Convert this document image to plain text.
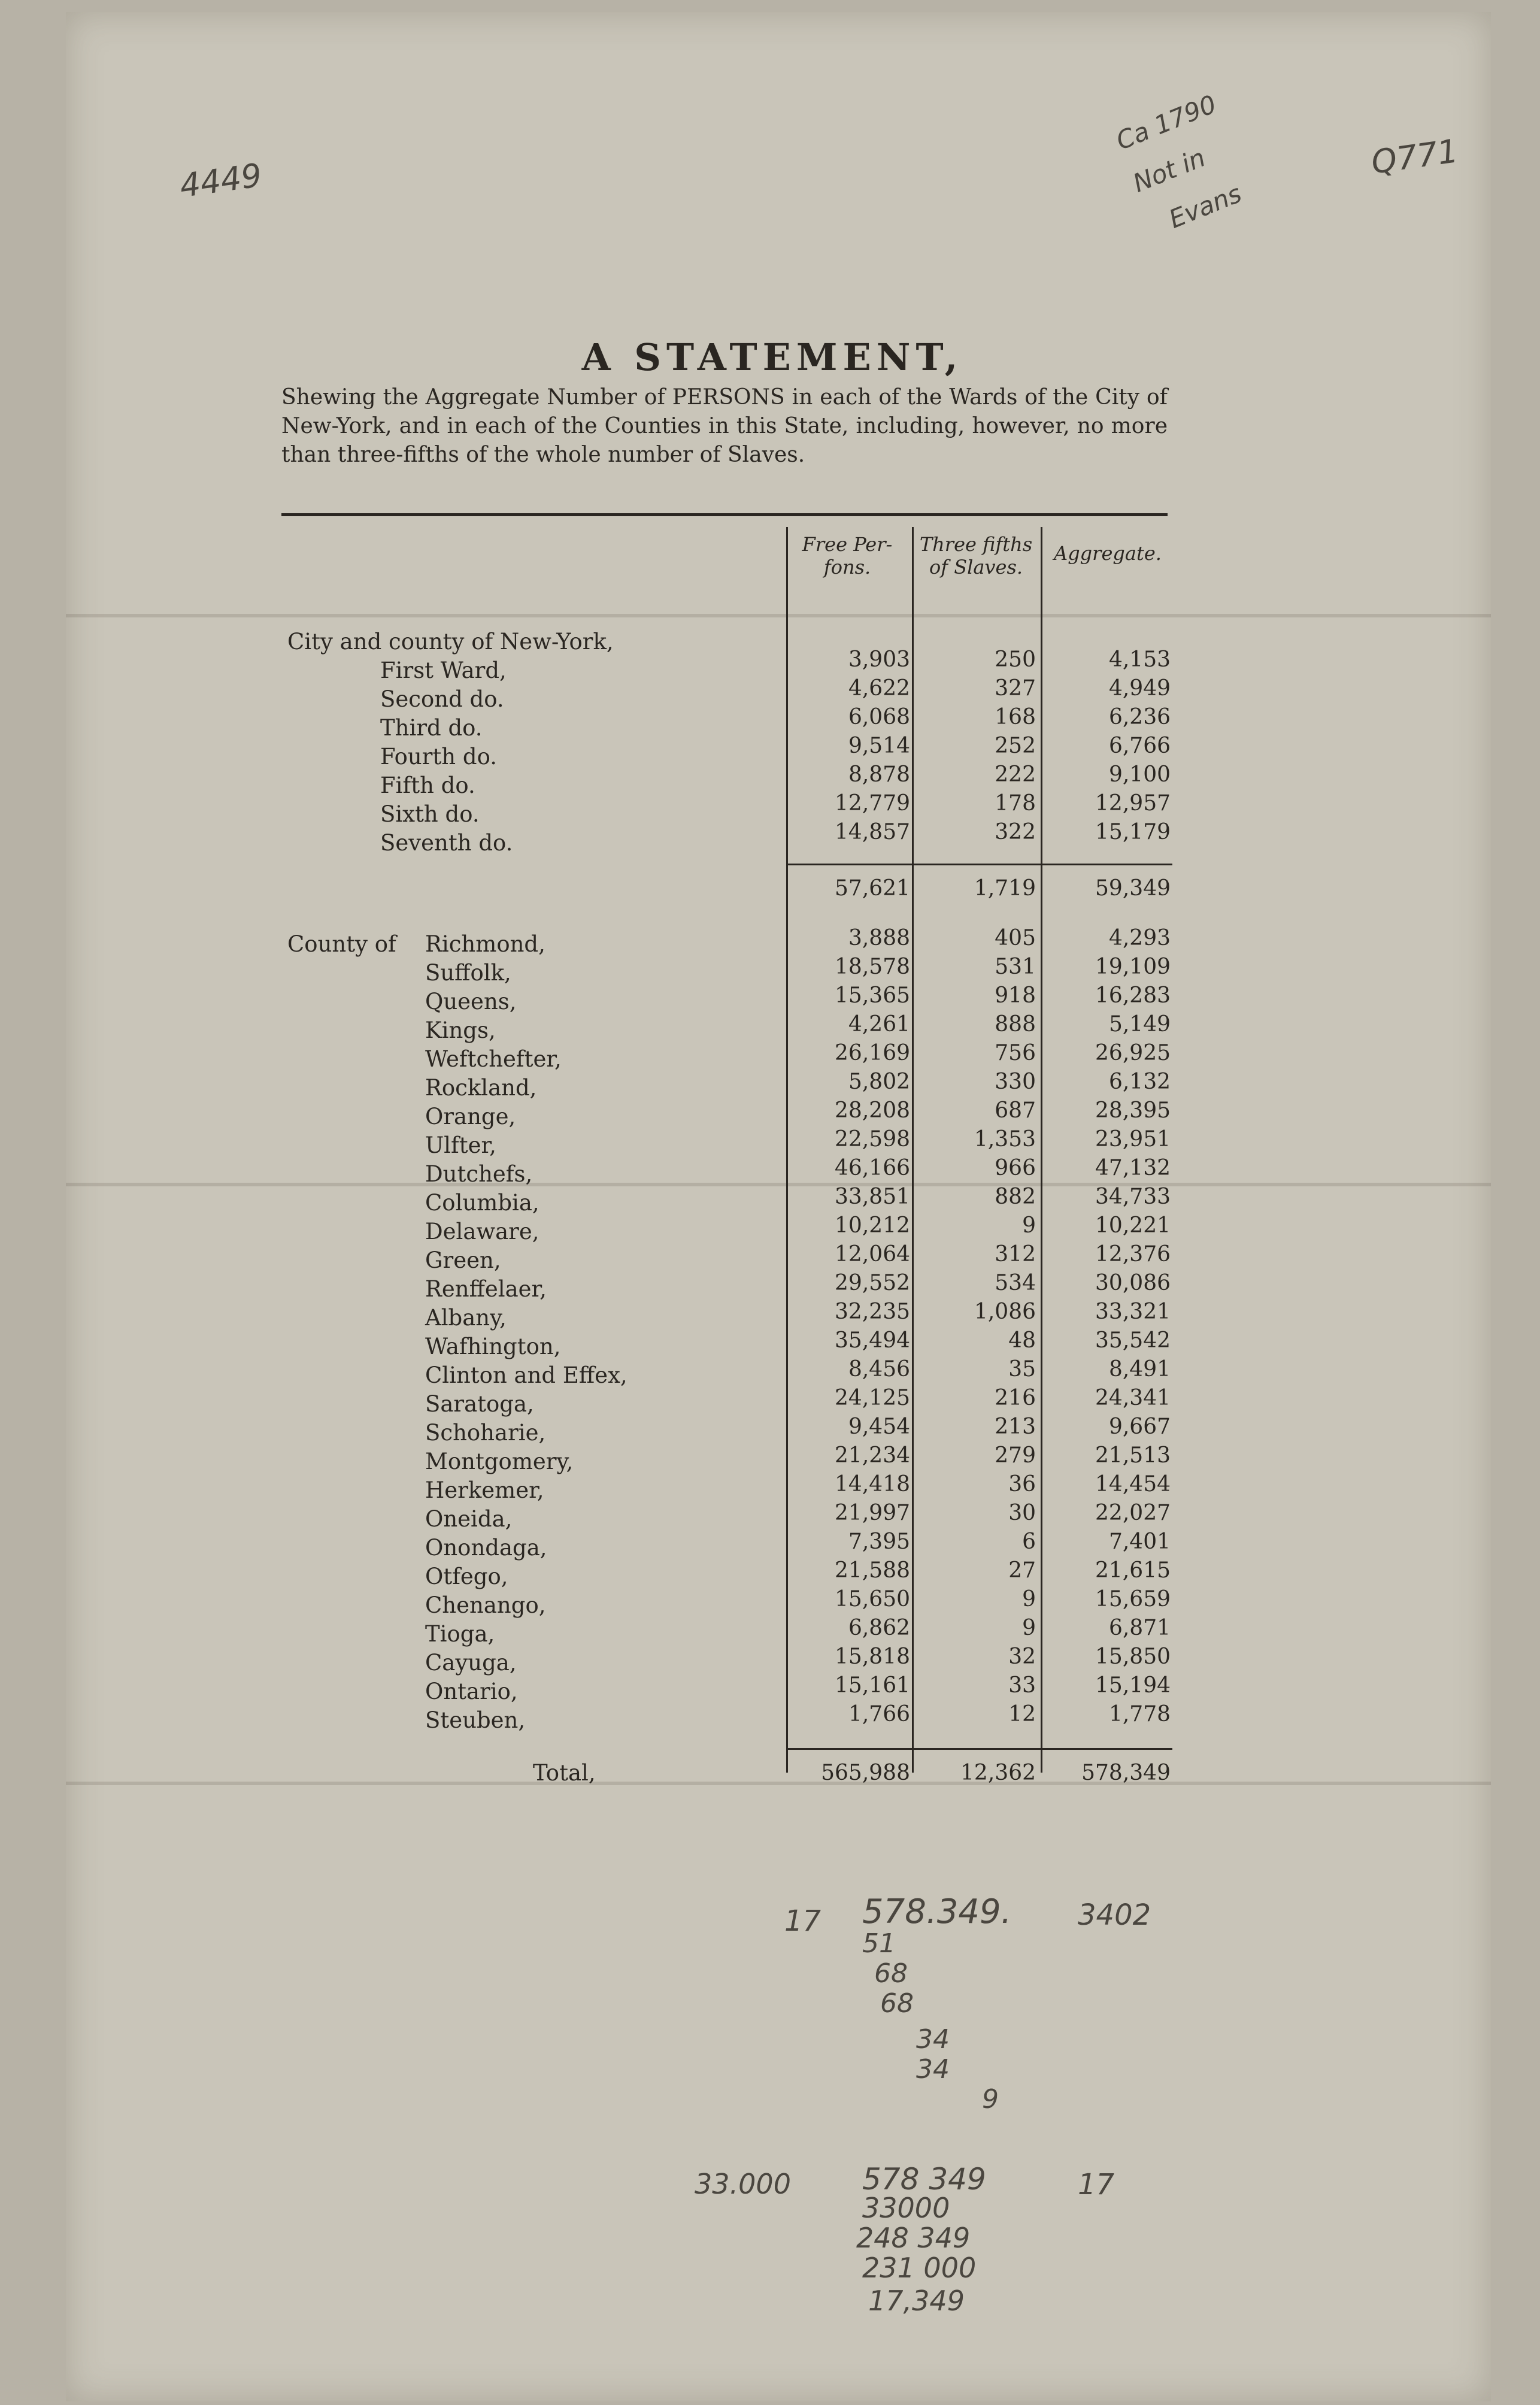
4449
Ca 1790
Not in
Evans
Q771
A STATEMENT,
Shewing the Aggregate Number of PERSONS in each of the Wards of the City of New-York, and in each of the Counties in this State, including, however, no more than three-fifths of the whole number of Slaves.
Free Per-fons.
Three fifths of Slaves.
Aggregate.
City and county of New-York,
First Ward,	3,903	250	4,153
Second do.	4,622	327	4,949
Third do.	6,068	168	6,236
Fourth do.	9,514	252	6,766
Fifth do.	8,878	222	9,100
Sixth do.	12,779	178	12,957
Seventh do.	14,857	322	15,179
57,621	1,719	59,349
County of Richmond,	3,888	405	4,293
Suffolk,	18,578	531	19,109
Queens,	15,365	918	16,283
Kings,	4,261	888	5,149
Weftchefter,	26,169	756	26,925
Rockland,	5,802	330	6,132
Orange,	28,208	687	28,395
Ulfter,	22,598	1,353	23,951
Dutchefs,	46,166	966	47,132
Columbia,	33,851	882	34,733
Delaware,	10,212	9	10,221
Green,	12,064	312	12,376
Renffelaer,	29,552	534	30,086
Albany,	32,235	1,086	33,321
Wafhington,	35,494	48	35,542
Clinton and Effex,	8,456	35	8,491
Saratoga,	24,125	216	24,341
Schoharie,	9,454	213	9,667
Montgomery,	21,234	279	21,513
Herkemer,	14,418	36	14,454
Oneida,	21,997	30	22,027
Onondaga,	7,395	6	7,401
Otfego,	21,588	27	21,615
Chenango,	15,650	9	15,659
Tioga,	6,862	9	6,871
Cayuga,	15,818	32	15,850
Ontario,	15,161	33	15,194
Steuben,	1,766	12	1,778
Total,	565,988	12,362	578,349
17 578.349. 3402
51
68
68
34
34
9
33.000 578 349	17
33000
248 349
231 000
17,349
